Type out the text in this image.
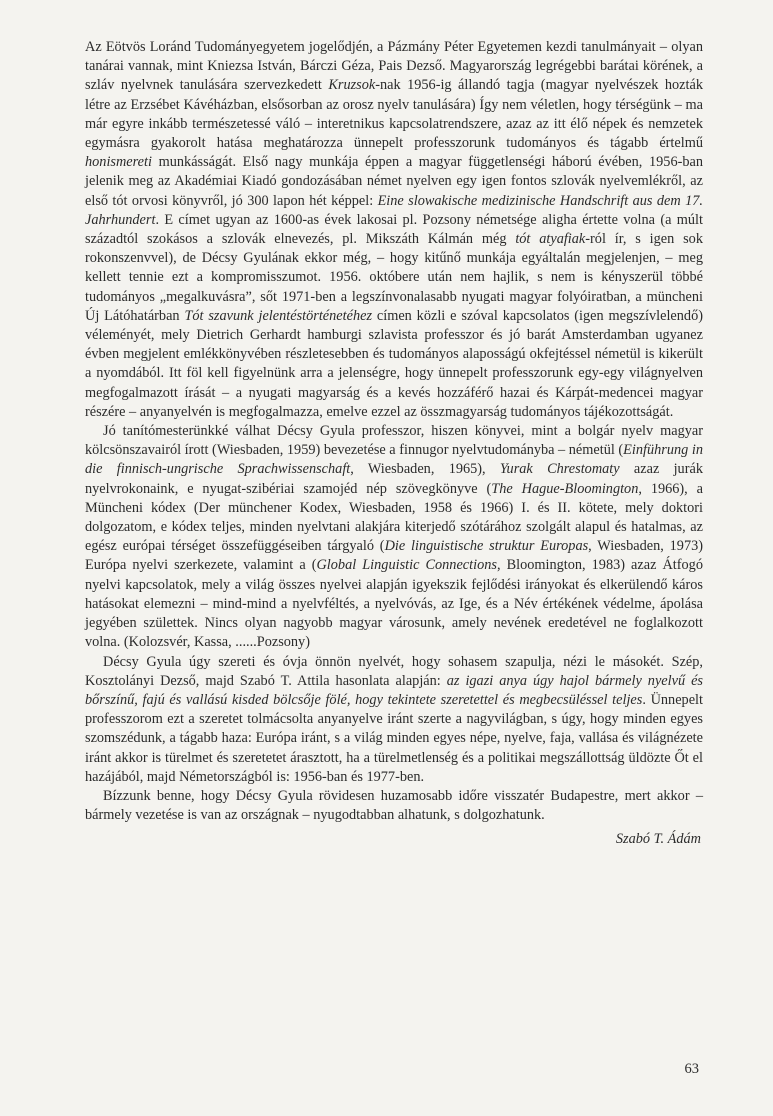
Az Eötvös Loránd Tudományegyetem jogelődjén, a Pázmány Péter Egyetemen kezdi tanulmányait – olyan tanárai vannak, mint Kniezsa István, Bárczi Géza, Pais Dezső. Magyarország legrégebbi barátai körének, a szláv nyelvnek tanulására szervezkedett Kruzsok-nak 1956-ig állandó tagja (magyar nyelvészek hozták létre az Erzsébet Kávéházban, elsősorban az orosz nyelv tanulására) Így nem véletlen, hogy térségünk – ma már egyre inkább természetessé váló – interetnikus kapcsolatrendszere, azaz az itt élő népek és nemzetek egymásra gyakorolt hatása meghatározza ünnepelt professzorunk tudományos és tágabb értelmű honismereti munkásságát. Első nagy munkája éppen a magyar függetlenségi háború évében, 1956-ban jelenik meg az Akadémiai Kiadó gondozásában német nyelven egy igen fontos szlovák nyelvemlékről, az első tót orvosi könyvről, jó 300 lapon hét képpel: Eine slowakische medizinische Handschrift aus dem 17. Jahrhundert. E címet ugyan az 1600-as évek lakosai pl. Pozsony németsége aligha értette volna (a múlt századtól szokásos a szlovák elnevezés, pl. Mikszáth Kálmán még tót atyafiak-ról ír, s igen sok rokonszenvvel), de Décsy Gyulának ekkor még, – hogy kitűnő munkája egyáltalán megjelenjen, – meg kellett tennie ezt a kompromisszumot. 1956. októbere után nem hajlik, s nem is kényszerül többé tudományos „megalkuvásra”, sőt 1971-ben a legszínvonalasabb nyugati magyar folyóiratban, a müncheni Új Látóhatárban Tót szavunk jelentéstörténetéhez címen közli e szóval kapcsolatos (igen megszívlelendő) véleményét, mely Dietrich Gerhardt hamburgi szlavista professzor és jó barát Amsterdamban ugyanez évben megjelent emlékkönyvében részletesebben és tudományos alaposságú okfejtéssel németül is kikerült a nyomdából. Itt föl kell figyelnünk arra a jelenségre, hogy ünnepelt professzorunk egy-egy világnyelven megfogalmazott írását – a nyugati magyarság és a kevés hozzáférő hazai és Kárpát-medencei magyar részére – anyanyelvén is megfogalmazza, emelve ezzel az összmagyarság tudományos tájékozottságát.

Jó tanítómesterünkké válhat Décsy Gyula professzor, hiszen könyvei, mint a bolgár nyelv magyar kölcsönszavairól írott (Wiesbaden, 1959) bevezetése a finnugor nyelvtudományba – németül (Einführung in die finnisch-ungrische Sprachwissenschaft, Wiesbaden, 1965), Yurak Chrestomaty azaz jurák nyelvrokonaink, e nyugat-szibériai szamojéd nép szövegkönyve (The Hague-Bloomington, 1966), a Müncheni kódex (Der münchener Kodex, Wiesbaden, 1958 és 1966) I. és II. kötete, mely doktori dolgozatom, e kódex teljes, minden nyelvtani alakjára kiterjedő szótárához szolgált alapul és hatalmas, az egész európai térséget összefüggéseiben tárgyaló (Die linguistische struktur Europas, Wiesbaden, 1973) Európa nyelvi szerkezete, valamint a (Global Linguistic Connections, Bloomington, 1983) azaz Átfogó nyelvi kapcsolatok, mely a világ összes nyelvei alapján igyekszik fejlődési irányokat és elkerülendő káros hatásokat elemezni – mind-mind a nyelvféltés, a nyelvóvás, az Ige, és a Név értékének védelme, ápolása jegyében születtek. Nincs olyan nagyobb magyar városunk, amely nevének eredetével ne foglalkozott volna. (Kolozsvér, Kassa, ......Pozsony)

Décsy Gyula úgy szereti és óvja önnön nyelvét, hogy sohasem szapulja, nézi le másokét. Szép, Kosztolányi Dezső, majd Szabó T. Attila hasonlata alapján: az igazi anya úgy hajol bármely nyelvű és bőrszínű, fajú és vallású kisded bölcsője fölé, hogy tekintete szeretettel és megbecsüléssel teljes. Ünnepelt professzorom ezt a szeretet tolmácsolta anyanyelve iránt szerte a nagyvilágban, s úgy, hogy minden egyes szomszédunk, a tágabb haza: Európa iránt, s a világ minden egyes népe, nyelve, faja, vallása és világnézete iránt akkor is türelmet és szeretetet árasztott, ha a türelmetlenség és a politikai megszállottság üldözte Őt el hazájából, majd Németországból is: 1956-ban és 1977-ben.

Bízzunk benne, hogy Décsy Gyula rövidesen huzamosabb időre visszatér Budapestre, mert akkor – bármely vezetése is van az országnak – nyugodtabban alhatunk, s dolgozhatunk.

Szabó T. Ádám

63
